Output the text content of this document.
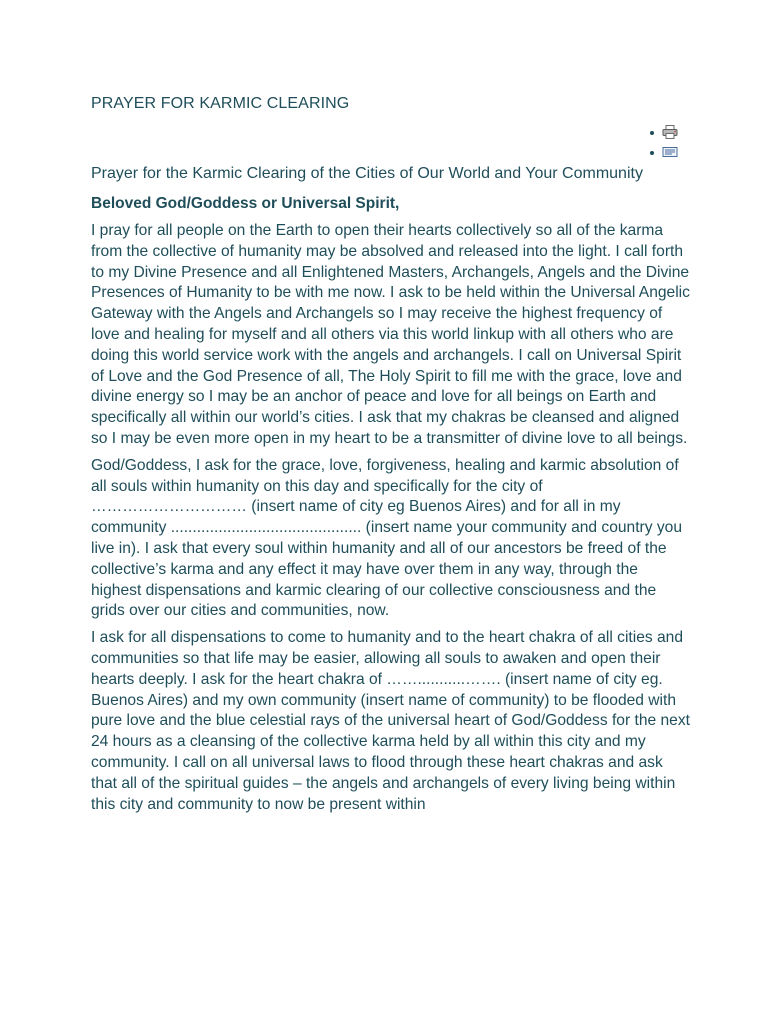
PRAYER FOR KARMIC CLEARING
Prayer for the Karmic Clearing of the Cities of Our World and Your Community

Beloved God/Goddess or Universal Spirit,

I pray for all people on the Earth to open their hearts collectively so all of the karma from the collective of humanity may be absolved and released into the light. I call forth to my Divine Presence and all Enlightened Masters, Archangels, Angels and the Divine Presences of Humanity to be with me now. I ask to be held within the Universal Angelic Gateway with the Angels and Archangels so I may receive the highest frequency of love and healing for myself and all others via this world linkup with all others who are doing this world service work with the angels and archangels. I call on Universal Spirit of Love and the God Presence of all, The Holy Spirit to fill me with the grace, love and divine energy so I may be an anchor of peace and love for all beings on Earth and specifically all within our world’s cities. I ask that my chakras be cleansed and aligned so I may be even more open in my heart to be a transmitter of divine love to all beings.

God/Goddess, I ask for the grace, love, forgiveness, healing and karmic absolution of all souls within humanity on this day and specifically for the city of ………………………… (insert name of city eg Buenos Aires) and for all in my community ............................................ (insert name your community and country you live in). I ask that every soul within humanity and all of our ancestors be freed of the collective’s karma and any effect it may have over them in any way, through the highest dispensations and karmic clearing of our collective consciousness and the grids over our cities and communities, now.

I ask for all dispensations to come to humanity and to the heart chakra of all cities and communities so that life may be easier, allowing all souls to awaken and open their hearts deeply. I ask for the heart chakra of ……...........……. (insert name of city eg. Buenos Aires) and my own community (insert name of community) to be flooded with pure love and the blue celestial rays of the universal heart of God/Goddess for the next 24 hours as a cleansing of the collective karma held by all within this city and my community. I call on all universal laws to flood through these heart chakras and ask that all of the spiritual guides – the angels and archangels of every living being within this city and community to now be present within
